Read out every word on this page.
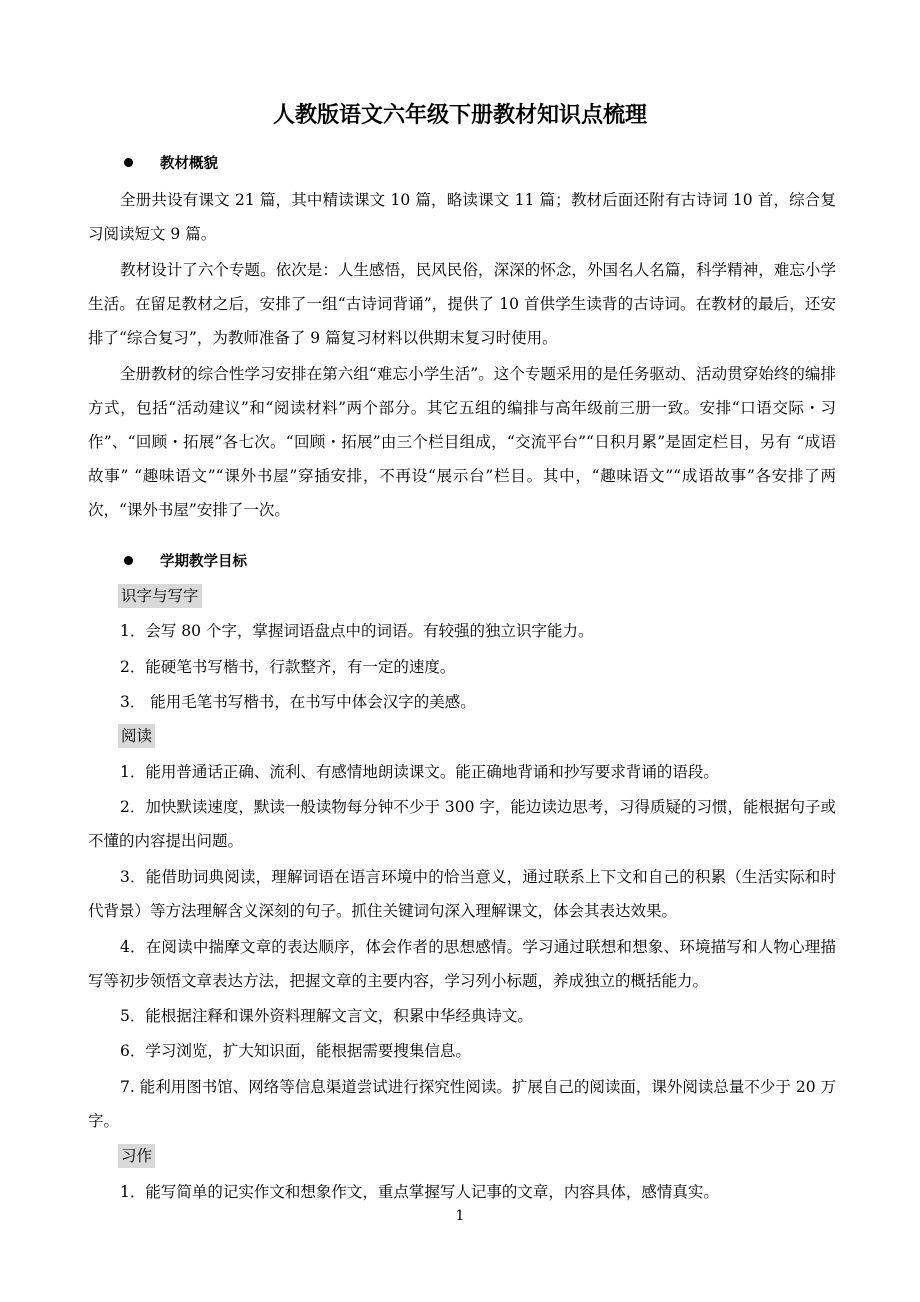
人教版语文六年级下册教材知识点梳理
教材概貌

全册共设有课文 21 篇，其中精读课文 10 篇，略读课文 11 篇；教材后面还附有古诗词 10 首，综合复习阅读短文 9 篇。

教材设计了六个专题。依次是：人生感悟，民风民俗，深深的怀念，外国名人名篇，科学精神，难忘小学生活。在留足教材之后，安排了一组“古诗词背诵”，提供了 10 首供学生读背的古诗词。在教材的最后，还安排了“综合复习”，为教师准备了 9 篇复习材料以供期末复习时使用。

全册教材的综合性学习安排在第六组“难忘小学生活”。这个专题采用的是任务驱动、活动贯穿始终的编排方式，包括“活动建议”和“阅读材料”两个部分。其它五组的编排与高年级前三册一致。安排“口语交际・习作”、“回顾・拓展”各七次。“回顾・拓展”由三个栏目组成，“交流平台”“日积月累”是固定栏目，另有 “成语故事” “趣味语文”“课外书屋”穿插安排，不再设“展示台”栏目。其中，“趣味语文”“成语故事”各安排了两次，“课外书屋”安排了一次。

学期教学目标
识字与写字

1．会写 80 个字，掌握词语盘点中的词语。有较强的独立识字能力。

2．能硬笔书写楷书，行款整齐，有一定的速度。

3． 能用毛笔书写楷书，在书写中体会汉字的美感。

阅读

1．能用普通话正确、流利、有感情地朗读课文。能正确地背诵和抄写要求背诵的语段。

2．加快默读速度，默读一般读物每分钟不少于 300 字，能边读边思考，习得质疑的习惯，能根据句子或不懂的内容提出问题。

3．能借助词典阅读，理解词语在语言环境中的恰当意义，通过联系上下文和自己的积累（生活实际和时代背景）等方法理解含义深刻的句子。抓住关键词句深入理解课文，体会其表达效果。

4．在阅读中揣摩文章的表达顺序，体会作者的思想感情。学习通过联想和想象、环境描写和人物心理描写等初步领悟文章表达方法，把握文章的主要内容，学习列小标题，养成独立的概括能力。

5．能根据注释和课外资料理解文言文，积累中华经典诗文。

6．学习浏览，扩大知识面，能根据需要搜集信息。

7. 能利用图书馆、网络等信息渠道尝试进行探究性阅读。扩展自己的阅读面，课外阅读总量不少于 20 万字。

习作

1．能写简单的记实作文和想象作文，重点掌握写人记事的文章，内容具体，感情真实。

1
